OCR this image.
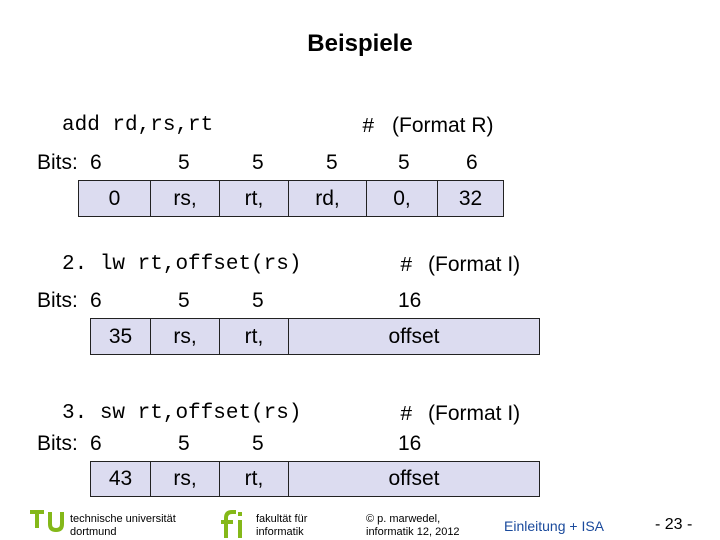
Beispiele
add rd,rs,rt	# (Format R)
Bits: 6	5	5	5	5	6
0	rs,	rt,	rd,	0,	32
2. lw rt,offset(rs)	# (Format I)
Bits: 6	5	5	16
35	rs,	rt,	offset
3. sw rt,offset(rs)	# (Format I)
Bits: 6	5	5	16
43	rs,	rt,	offset
technische universität
dortmund
fakultät für
informatik
© p. marwedel,
informatik 12, 2012	Einleitung + ISA	- 23 -
